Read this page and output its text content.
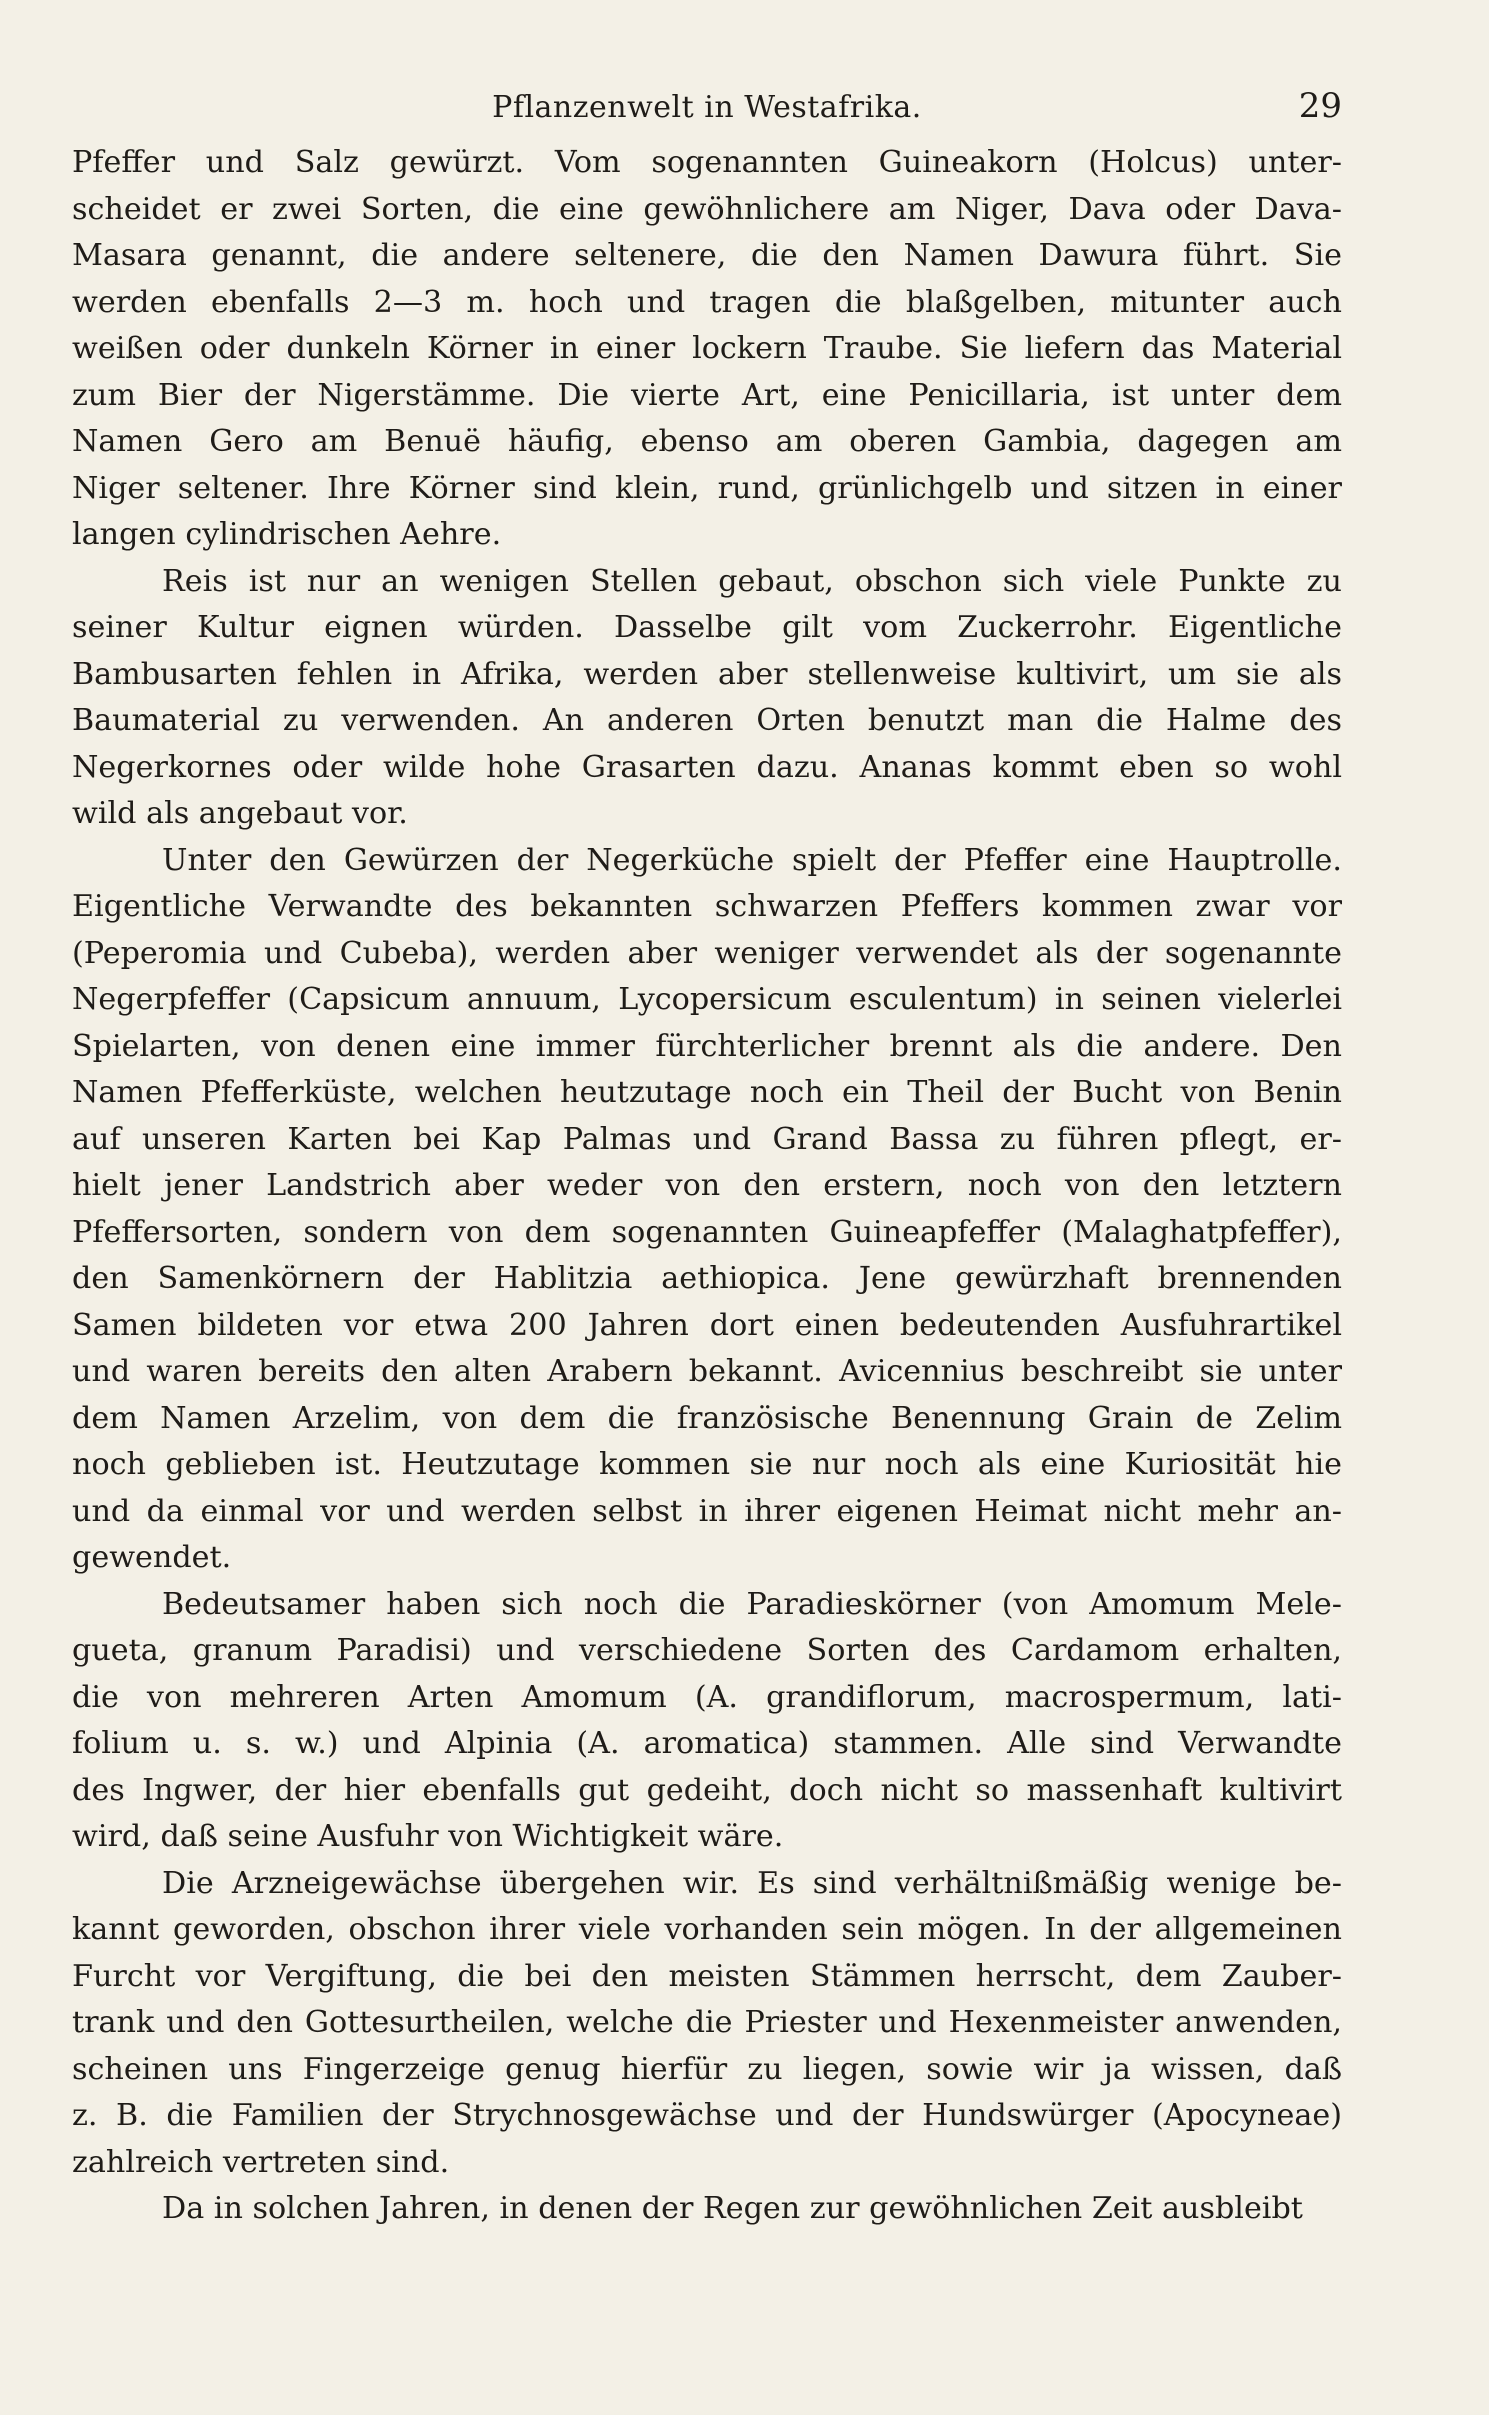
Pflanzenwelt in Westafrika.	29
Pfeffer und Salz gewürzt. Vom sogenannten Guineakorn (Holcus) unter-
scheidet er zwei Sorten, die eine gewöhnlichere am Niger, Dava oder Dava-
Masara genannt, die andere seltenere, die den Namen Dawura führt. Sie
werden ebenfalls 2—3 m. hoch und tragen die blaßgelben, mitunter auch
weißen oder dunkeln Körner in einer lockern Traube. Sie liefern das Material
zum Bier der Nigerstämme. Die vierte Art, eine Penicillaria, ist unter dem
Namen Gero am Benuë häufig, ebenso am oberen Gambia, dagegen am
Niger seltener. Ihre Körner sind klein, rund, grünlichgelb und sitzen in einer
langen cylindrischen Aehre.
Reis ist nur an wenigen Stellen gebaut, obschon sich viele Punkte zu
seiner Kultur eignen würden. Dasselbe gilt vom Zuckerrohr. Eigentliche
Bambusarten fehlen in Afrika, werden aber stellenweise kultivirt, um sie als
Baumaterial zu verwenden. An anderen Orten benutzt man die Halme des
Negerkornes oder wilde hohe Grasarten dazu. Ananas kommt eben so wohl
wild als angebaut vor.
Unter den Gewürzen der Negerküche spielt der Pfeffer eine Hauptrolle.
Eigentliche Verwandte des bekannten schwarzen Pfeffers kommen zwar vor
(Peperomia und Cubeba), werden aber weniger verwendet als der sogenannte
Negerpfeffer (Capsicum annuum, Lycopersicum esculentum) in seinen vielerlei
Spielarten, von denen eine immer fürchterlicher brennt als die andere. Den
Namen Pfefferküste, welchen heutzutage noch ein Theil der Bucht von Benin
auf unseren Karten bei Kap Palmas und Grand Bassa zu führen pflegt, er-
hielt jener Landstrich aber weder von den erstern, noch von den letztern
Pfeffersorten, sondern von dem sogenannten Guineapfeffer (Malaghatpfeffer),
den Samenkörnern der Hablitzia aethiopica. Jene gewürzhaft brennenden
Samen bildeten vor etwa 200 Jahren dort einen bedeutenden Ausfuhrartikel
und waren bereits den alten Arabern bekannt. Avicennius beschreibt sie unter
dem Namen Arzelim, von dem die französische Benennung Grain de Zelim
noch geblieben ist. Heutzutage kommen sie nur noch als eine Kuriosität hie
und da einmal vor und werden selbst in ihrer eigenen Heimat nicht mehr an-
gewendet.
Bedeutsamer haben sich noch die Paradieskörner (von Amomum Mele-
gueta, granum Paradisi) und verschiedene Sorten des Cardamom erhalten,
die von mehreren Arten Amomum (A. grandiflorum, macrospermum, lati-
folium u. s. w.) und Alpinia (A. aromatica) stammen. Alle sind Verwandte
des Ingwer, der hier ebenfalls gut gedeiht, doch nicht so massenhaft kultivirt
wird, daß seine Ausfuhr von Wichtigkeit wäre.
Die Arzneigewächse übergehen wir. Es sind verhältnißmäßig wenige be-
kannt geworden, obschon ihrer viele vorhanden sein mögen. In der allgemeinen
Furcht vor Vergiftung, die bei den meisten Stämmen herrscht, dem Zauber-
trank und den Gottesurtheilen, welche die Priester und Hexenmeister anwenden,
scheinen uns Fingerzeige genug hierfür zu liegen, sowie wir ja wissen, daß
z. B. die Familien der Strychnosgewächse und der Hundswürger (Apocyneae)
zahlreich vertreten sind.
Da in solchen Jahren, in denen der Regen zur gewöhnlichen Zeit ausbleibt
